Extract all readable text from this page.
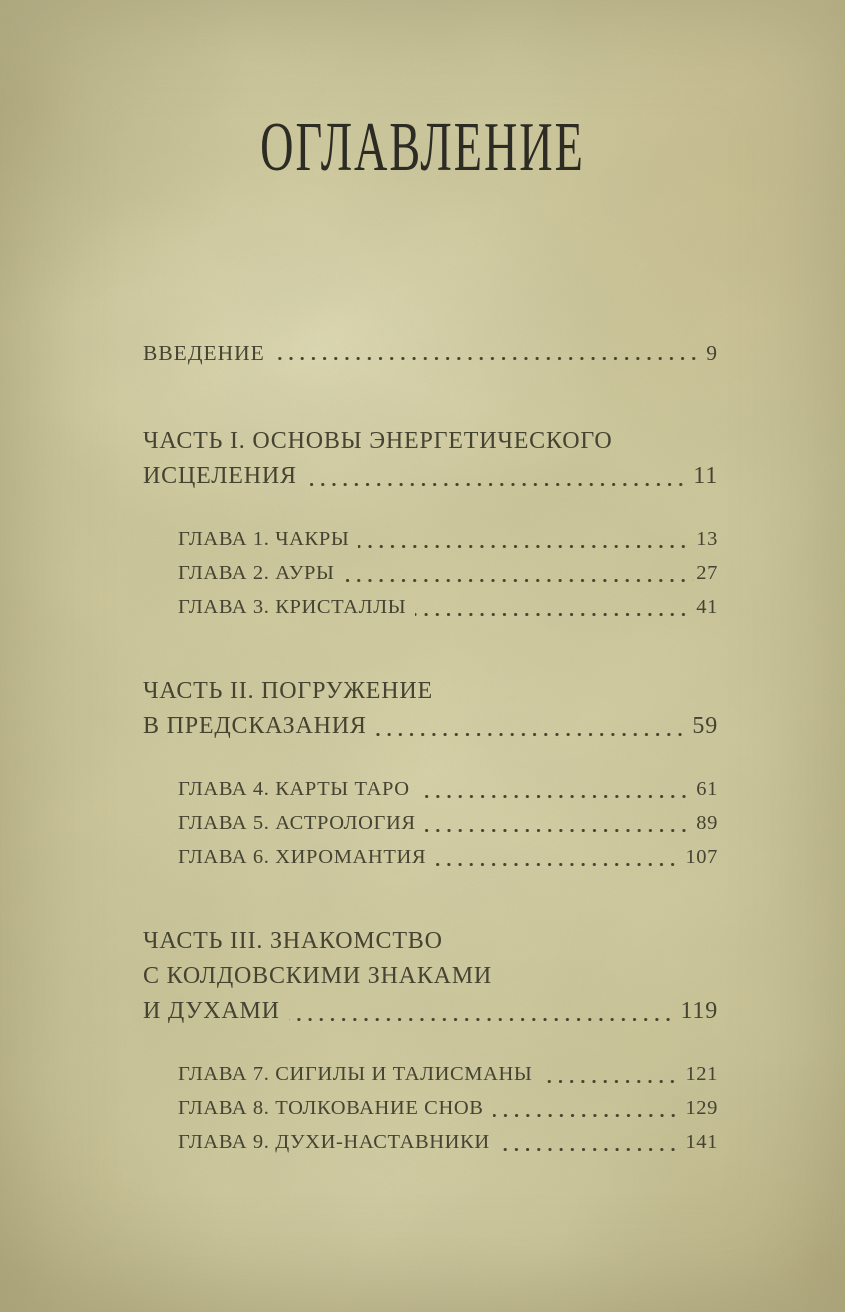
ОГЛАВЛЕНИЕ
ВВЕДЕНИЕ	9
ЧАСТЬ I. ОСНОВЫ ЭНЕРГЕТИЧЕСКОГО
ИСЦЕЛЕНИЯ	11
ГЛАВА 1. ЧАКРЫ	13
ГЛАВА 2. АУРЫ	27
ГЛАВА 3. КРИСТАЛЛЫ	41
ЧАСТЬ II. ПОГРУЖЕНИЕ
В ПРЕДСКАЗАНИЯ	59
ГЛАВА 4. КАРТЫ ТАРО	61
ГЛАВА 5. АСТРОЛОГИЯ	89
ГЛАВА 6. ХИРОМАНТИЯ	107
ЧАСТЬ III. ЗНАКОМСТВО
С КОЛДОВСКИМИ ЗНАКАМИ
И ДУХАМИ	119
ГЛАВА 7. СИГИЛЫ И ТАЛИСМАНЫ	121
ГЛАВА 8. ТОЛКОВАНИЕ СНОВ	129
ГЛАВА 9. ДУХИ-НАСТАВНИКИ	141
